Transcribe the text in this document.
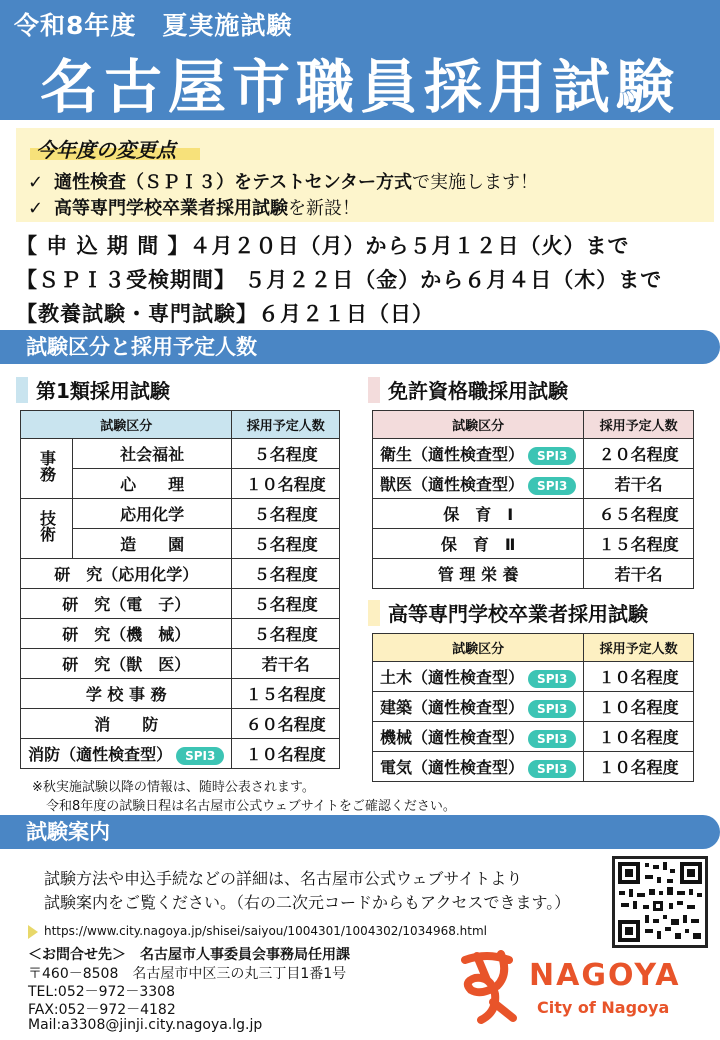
令和8年度　夏実施試験
名古屋市職員採用試験
今年度の変更点
✓ 適性検査（ＳＰＩ３）をテストセンター方式で実施します！
✓ 高等専門学校卒業者採用試験を新設！
【 申 込 期 間 】４月２０日（月）から５月１２日（火）まで
【ＳＰＩ３受検期間】 ５月２２日（金）から６月４日（木）まで
【教養試験・専門試験】６月２１日（日）
試験区分と採用予定人数
第1類採用試験
試験区分		採用予定人数
事務	社会福祉	５名程度
	心　　理	１０名程度
技術	応用化学	５名程度
	造　　園	５名程度
研　究（応用化学）		５名程度
研　究（電　子）		５名程度
研　究（機　械）		５名程度
研　究（獣　医）		若干名
学 校 事 務		１５名程度
消　　防		６０名程度
消防（適性検査型） SPI3		１０名程度
免許資格職採用試験
試験区分	採用予定人数
衛生（適性検査型） SPI3	２０名程度
獣医（適性検査型） SPI3	若干名
保　育　Ⅰ	６５名程度
保　育　Ⅱ	１５名程度
管 理 栄 養	若干名
高等専門学校卒業者採用試験
試験区分	採用予定人数
土木（適性検査型） SPI3	１０名程度
建築（適性検査型） SPI3	１０名程度
機械（適性検査型） SPI3	１０名程度
電気（適性検査型） SPI3	１０名程度
※秋実施試験以降の情報は、随時公表されます。
令和8年度の試験日程は名古屋市公式ウェブサイトをご確認ください。
試験案内
試験方法や申込手続などの詳細は、名古屋市公式ウェブサイトより
試験案内をご覧ください。（右の二次元コードからもアクセスできます。）
https://www.city.nagoya.jp/shisei/saiyou/1004301/1004302/1034968.html
＜お問合せ先＞　名古屋市人事委員会事務局任用課
〒460－8508　名古屋市中区三の丸三丁目1番1号
TEL:052－972－3308
FAX:052－972－4182
Mail:a3308@jinji.city.nagoya.lg.jp
NAGOYA
City of Nagoya
